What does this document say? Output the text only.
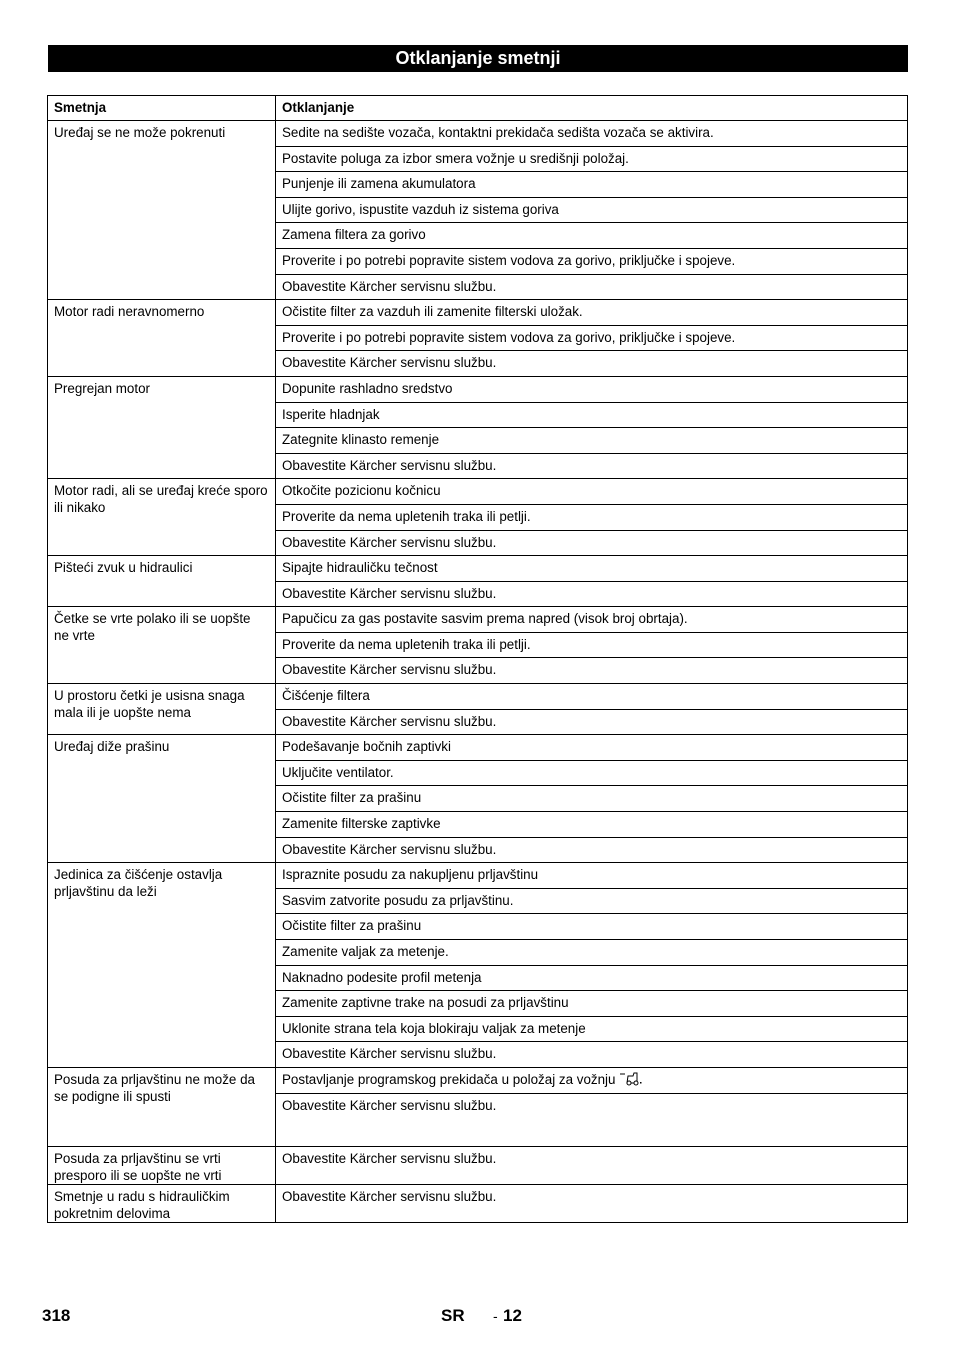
Otklanjanje smetnji
Smetnja	Otklanjanje
Uređaj se ne može pokrenuti	Sedite na sedište vozača, kontaktni prekidača sedišta vozača se aktivira.
	Postavite poluga za izbor smera vožnje u središnji položaj.
	Punjenje ili zamena akumulatora
	Ulijte gorivo, ispustite vazduh iz sistema goriva
	Zamena filtera za gorivo
	Proverite i po potrebi popravite sistem vodova za gorivo, priključke i spojeve.
	Obavestite Kärcher servisnu službu.
Motor radi neravnomerno	Očistite filter za vazduh ili zamenite filterski uložak.
	Proverite i po potrebi popravite sistem vodova za gorivo, priključke i spojeve.
	Obavestite Kärcher servisnu službu.
Pregrejan motor	Dopunite rashladno sredstvo
	Isperite hladnjak
	Zategnite klinasto remenje
	Obavestite Kärcher servisnu službu.
Motor radi, ali se uređaj kreće sporo ili nikako	Otkočite pozicionu kočnicu
	Proverite da nema upletenih traka ili petlji.
	Obavestite Kärcher servisnu službu.
Pišteći zvuk u hidraulici	Sipajte hidrauličku tečnost
	Obavestite Kärcher servisnu službu.
Četke se vrte polako ili se uopšte ne vrte	Papučicu za gas postavite sasvim prema napred (visok broj obrtaja).
	Proverite da nema upletenih traka ili petlji.
	Obavestite Kärcher servisnu službu.
U prostoru četki je usisna snaga mala ili je uopšte nema	Čišćenje filtera
	Obavestite Kärcher servisnu službu.
Uređaj diže prašinu	Podešavanje bočnih zaptivki
	Uključite ventilator.
	Očistite filter za prašinu
	Zamenite filterske zaptivke
	Obavestite Kärcher servisnu službu.
Jedinica za čišćenje ostavlja prljavštinu da leži	Ispraznite posudu za nakupljenu prljavštinu
	Sasvim zatvorite posudu za prljavštinu.
	Očistite filter za prašinu
	Zamenite valjak za metenje.
	Naknadno podesite profil metenja
	Zamenite zaptivne trake na posudi za prljavštinu
	Uklonite strana tela koja blokiraju valjak za metenje
	Obavestite Kärcher servisnu službu.
Posuda za prljavštinu ne može da se podigne ili spusti	Postavljanje programskog prekidača u položaj za vožnju
	Obavestite Kärcher servisnu službu.
Posuda za prljavštinu se vrti presporo ili se uopšte ne vrti	Obavestite Kärcher servisnu službu.
Smetnje u radu s hidrauličkim pokretnim delovima	Obavestite Kärcher servisnu službu.
318	SR - 12
